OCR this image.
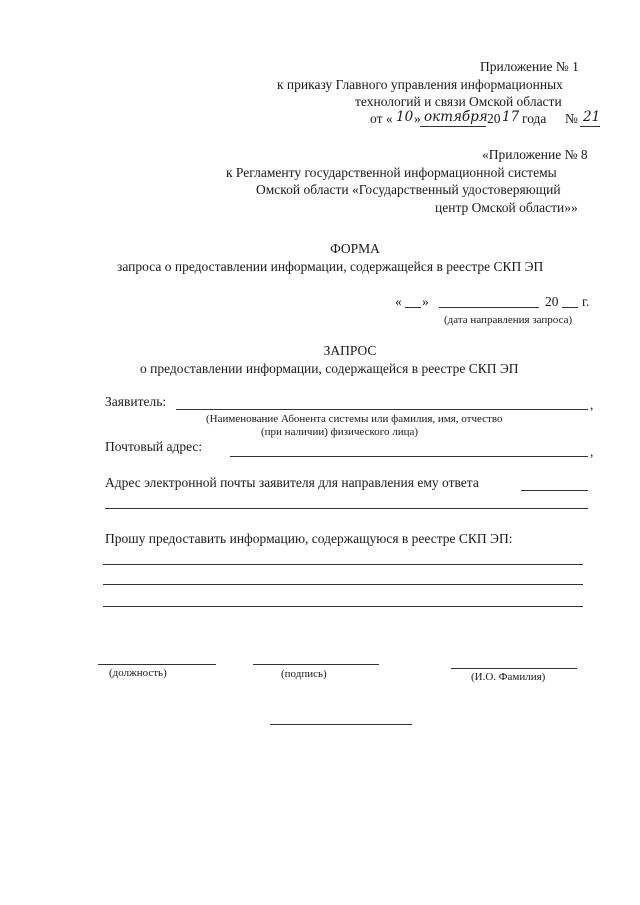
Приложение № 1
к приказу Главного управления информационных
технологий и связи Омской области
от « 10 » октября 20 17 года № 21
«Приложение № 8
к Регламенту государственной информационной системы
Омской области «Государственный удостоверяющий
центр Омской области»»
ФОРМА
запроса о предоставлении информации, содержащейся в реестре СКП ЭП
« »	20 г.
(дата направления запроса)
ЗАПРОС
о предоставлении информации, содержащейся в реестре СКП ЭП
Заявитель:	,
(Наименование Абонента системы или фамилия, имя, отчество
(при наличии) физического лица)
Почтовый адрес:	,
Адрес электронной почты заявителя для направления ему ответа
Прошу предоставить информацию, содержащуюся в реестре СКП ЭП:
(должность)	(подпись)	(И.О. Фамилия)
